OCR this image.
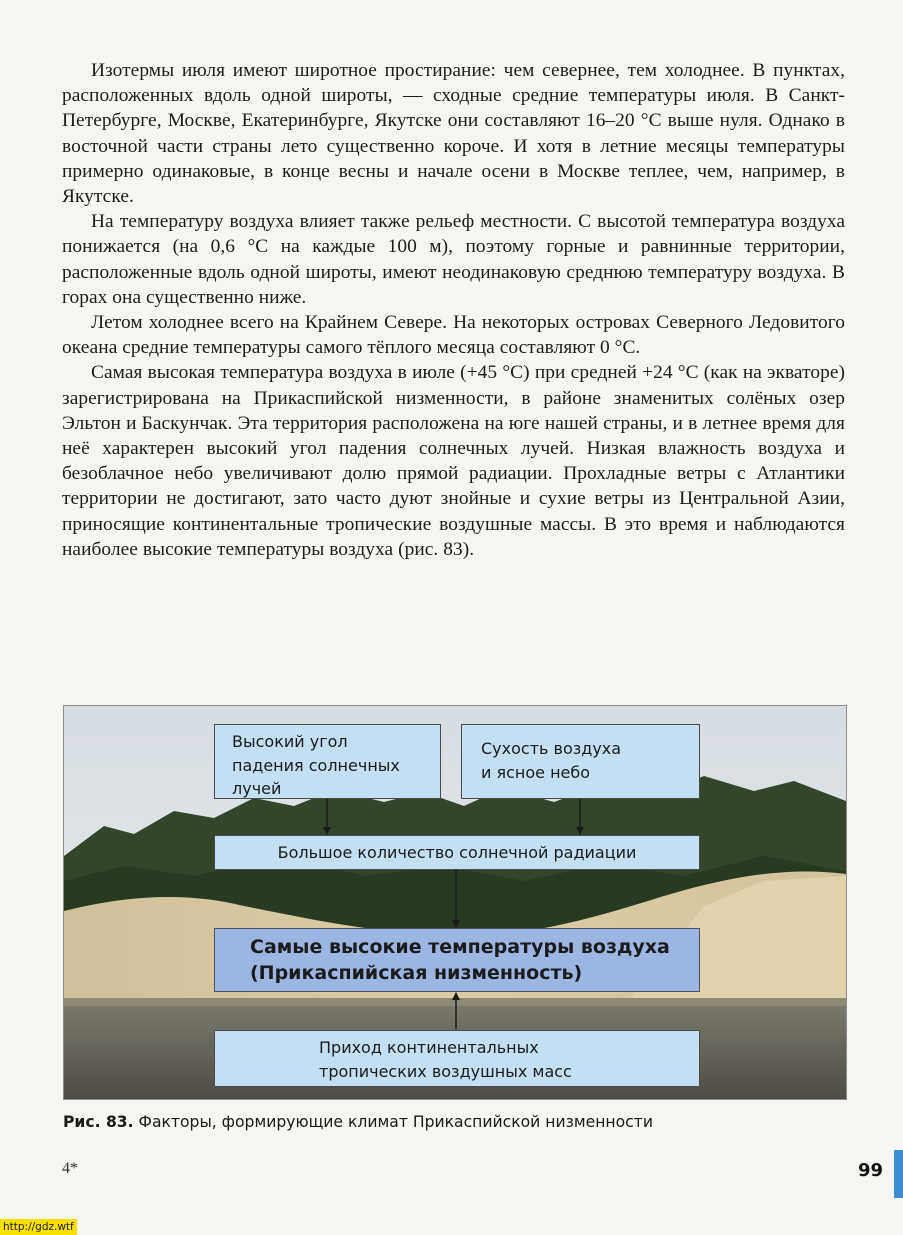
Изотермы июля имеют широтное простирание: чем севернее, тем холоднее. В пунктах, расположенных вдоль одной широты, — сходные средние температуры июля. В Санкт-Петербурге, Москве, Екатеринбурге, Якутске они составляют 16–20 °С выше нуля. Однако в восточной части страны лето существенно короче. И хотя в летние месяцы температуры примерно одинаковые, в конце весны и начале осени в Москве теплее, чем, например, в Якутске.

На температуру воздуха влияет также рельеф местности. С высотой температура воздуха понижается (на 0,6 °С на каждые 100 м), поэтому горные и равнинные территории, расположенные вдоль одной широты, имеют неодинаковую среднюю температуру воздуха. В горах она существенно ниже.

Летом холоднее всего на Крайнем Севере. На некоторых островах Северного Ледовитого океана средние температуры самого тёплого месяца составляют 0 °С.

Самая высокая температура воздуха в июле (+45 °С) при средней +24 °С (как на экваторе) зарегистрирована на Прикаспийской низменности, в районе знаменитых солёных озер Эльтон и Баскунчак. Эта территория расположена на юге нашей страны, и в летнее время для неё характерен высокий угол падения солнечных лучей. Низкая влажность воздуха и безоблачное небо увеличивают долю прямой радиации. Прохладные ветры с Атлантики территории не достигают, зато часто дуют знойные и сухие ветры из Центральной Азии, приносящие континентальные тропические воздушные массы. В это время и наблюдаются наиболее высокие температуры воздуха (рис. 83).

Высокий угол
падения солнечных
лучей
Сухость воздуха
и ясное небо
Большое количество солнечной радиации
Самые высокие температуры воздуха
(Прикаспийская низменность)
Приход континентальных
тропических воздушных масс
Рис. 83. Факторы, формирующие климат Прикаспийской низменности
4*	99
http://gdz.wtf
